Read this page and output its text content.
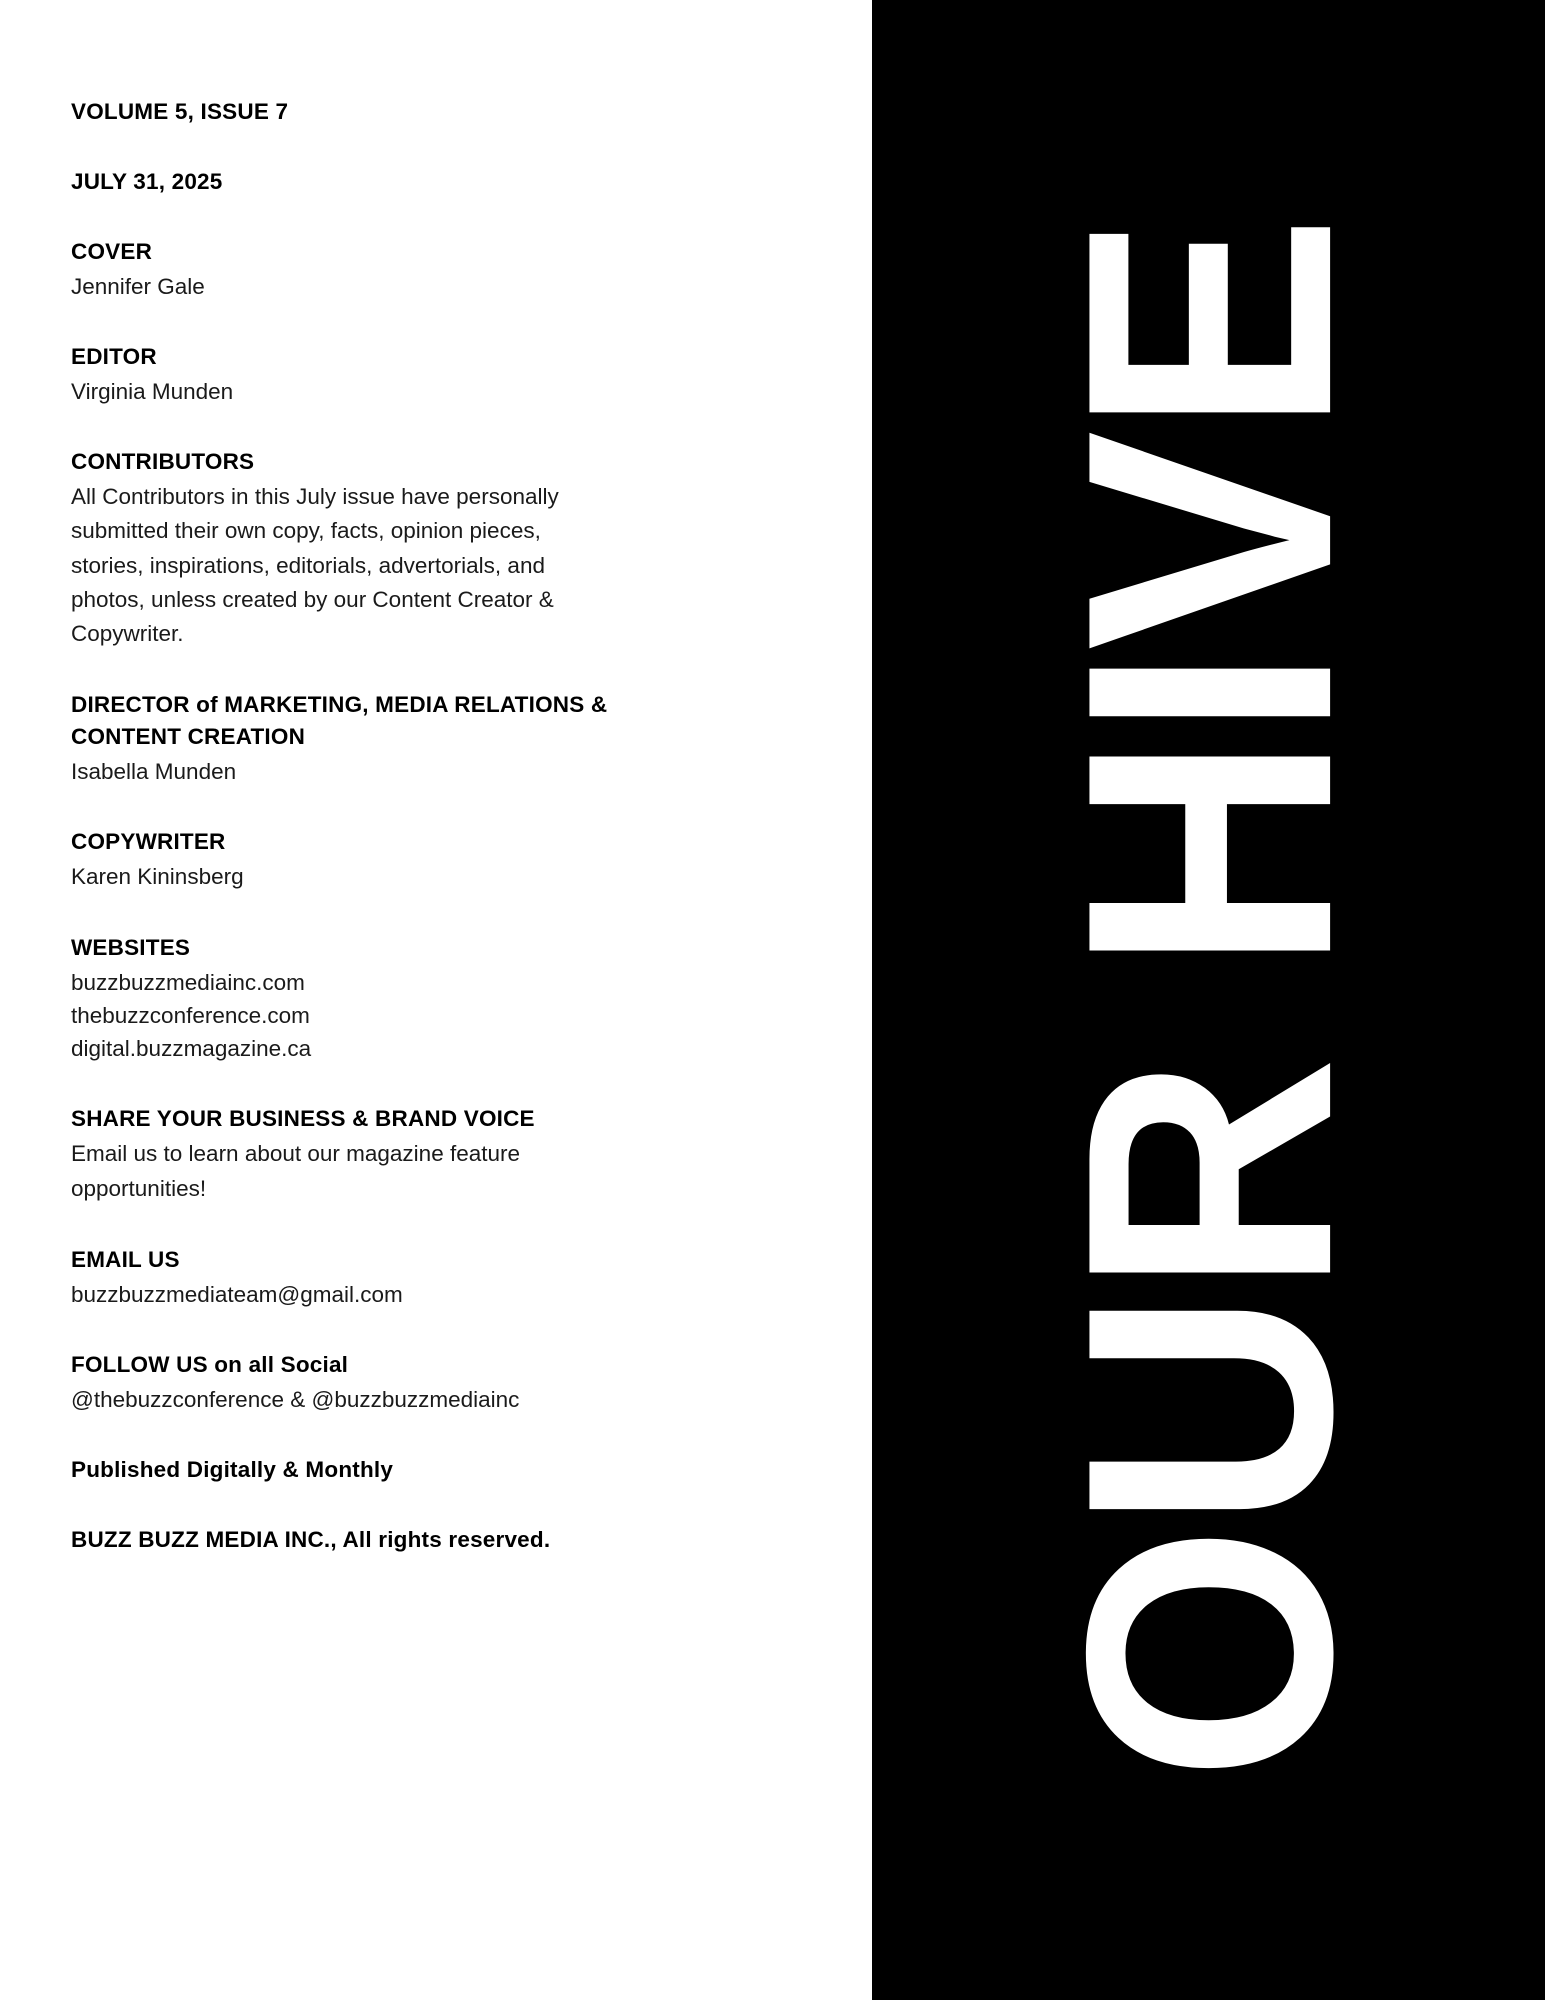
VOLUME 5, ISSUE 7

JULY 31, 2025

COVER

Jennifer Gale

EDITOR

Virginia Munden

CONTRIBUTORS

All Contributors in this July issue have personally submitted their own copy, facts, opinion pieces, stories, inspirations, editorials, advertorials, and photos, unless created by our Content Creator & Copywriter.

DIRECTOR of MARKETING, MEDIA RELATIONS & CONTENT CREATION

Isabella Munden

COPYWRITER

Karen Kininsberg

WEBSITES

buzzbuzzmediainc.com
thebuzzconference.com
digital.buzzmagazine.ca

SHARE YOUR BUSINESS & BRAND VOICE

Email us to learn about our magazine feature opportunities!

EMAIL US

buzzbuzzmediateam@gmail.com

FOLLOW US on all Social

@thebuzzconference & @buzzbuzzmediainc

Published Digitally & Monthly

BUZZ BUZZ MEDIA INC., All rights reserved. OUR HIVE
